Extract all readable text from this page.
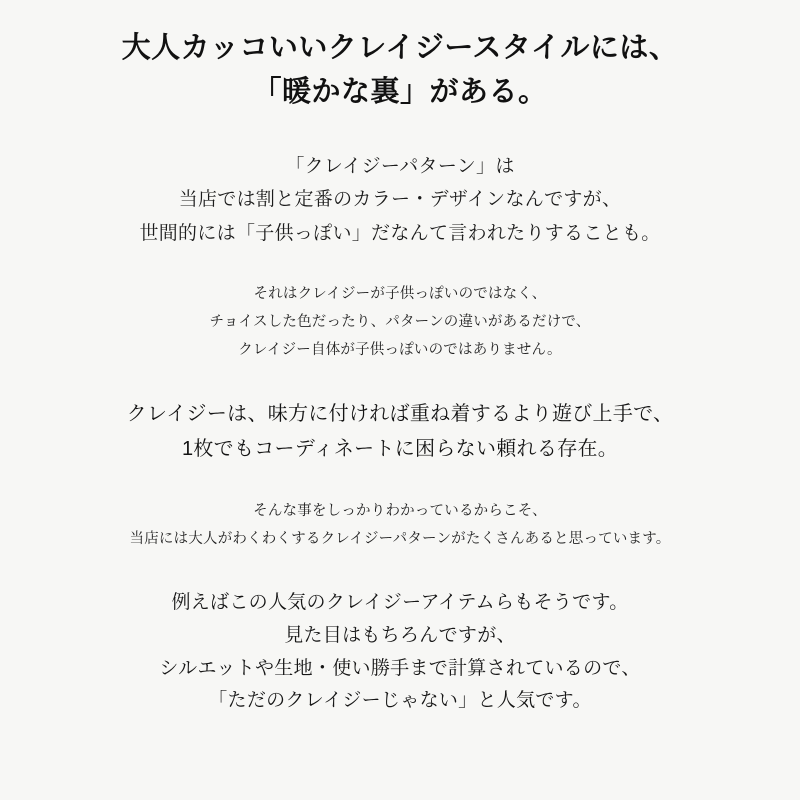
大人カッコいいクレイジースタイルには、
「暖かな裏」がある。
「クレイジーパターン」は
当店では割と定番のカラー・デザインなんですが、
世間的には「子供っぽい」だなんて言われたりすることも。
それはクレイジーが子供っぽいのではなく、
チョイスした色だったり、パターンの違いがあるだけで、
クレイジー自体が子供っぽいのではありません。
クレイジーは、味方に付ければ重ね着するより遊び上手で、
1枚でもコーディネートに困らない頼れる存在。
そんな事をしっかりわかっているからこそ、
当店には大人がわくわくするクレイジーパターンがたくさんあると思っています。
例えばこの人気のクレイジーアイテムらもそうです。
見た目はもちろんですが、
シルエットや生地・使い勝手まで計算されているので、
「ただのクレイジーじゃない」と人気です。
